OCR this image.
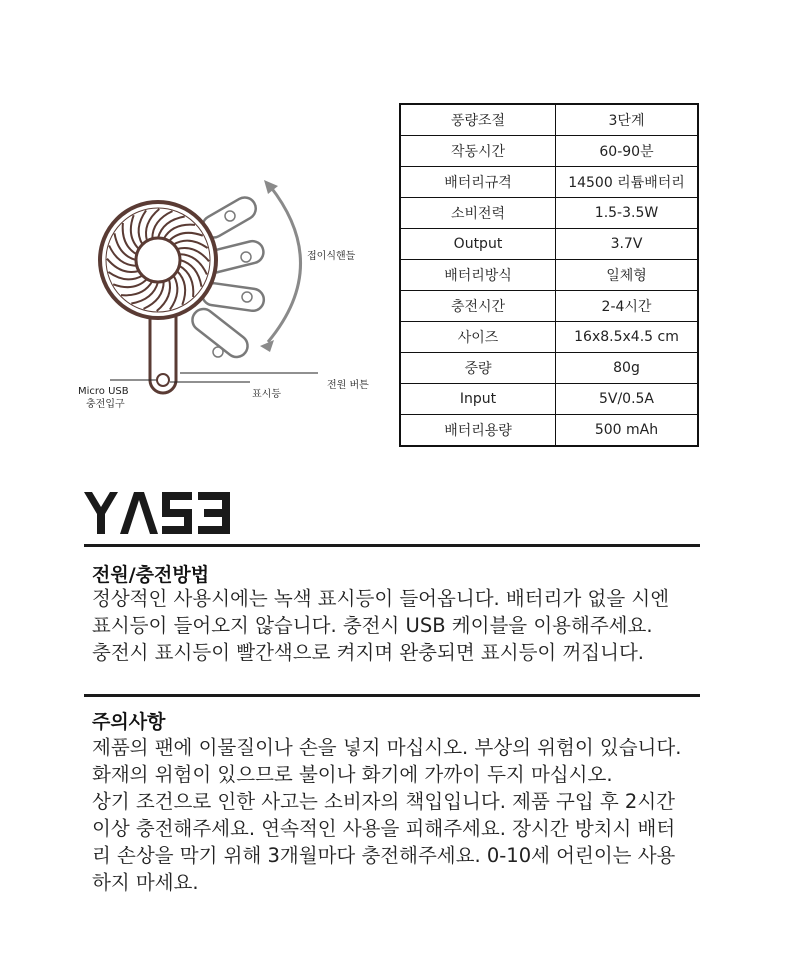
접이식핸들
Micro USB
충전입구
표시등
전원 버튼
풍량조절	3단계
작동시간	60-90분
배터리규격	14500 리튬배터리
소비전력	1.5-3.5W
Output	3.7V
배터리방식	일체형
충전시간	2-4시간
사이즈	16x8.5x4.5 cm
중량	80g
Input	5V/0.5A
배터리용량	500 mAh
YASE
전원/충전방법
정상적인 사용시에는 녹색 표시등이 들어옵니다. 배터리가 없을 시엔
표시등이 들어오지 않습니다. 충전시 USB 케이블을 이용해주세요.
충전시 표시등이 빨간색으로 켜지며 완충되면 표시등이 꺼집니다.
주의사항
제품의 팬에 이물질이나 손을 넣지 마십시오. 부상의 위험이 있습니다.
화재의 위험이 있으므로 불이나 화기에 가까이 두지 마십시오.
상기 조건으로 인한 사고는 소비자의 책입입니다. 제품 구입 후 2시간
이상 충전해주세요. 연속적인 사용을 피해주세요. 장시간 방치시 배터
리 손상을 막기 위해 3개월마다 충전해주세요. 0-10세 어린이는 사용
하지 마세요.
